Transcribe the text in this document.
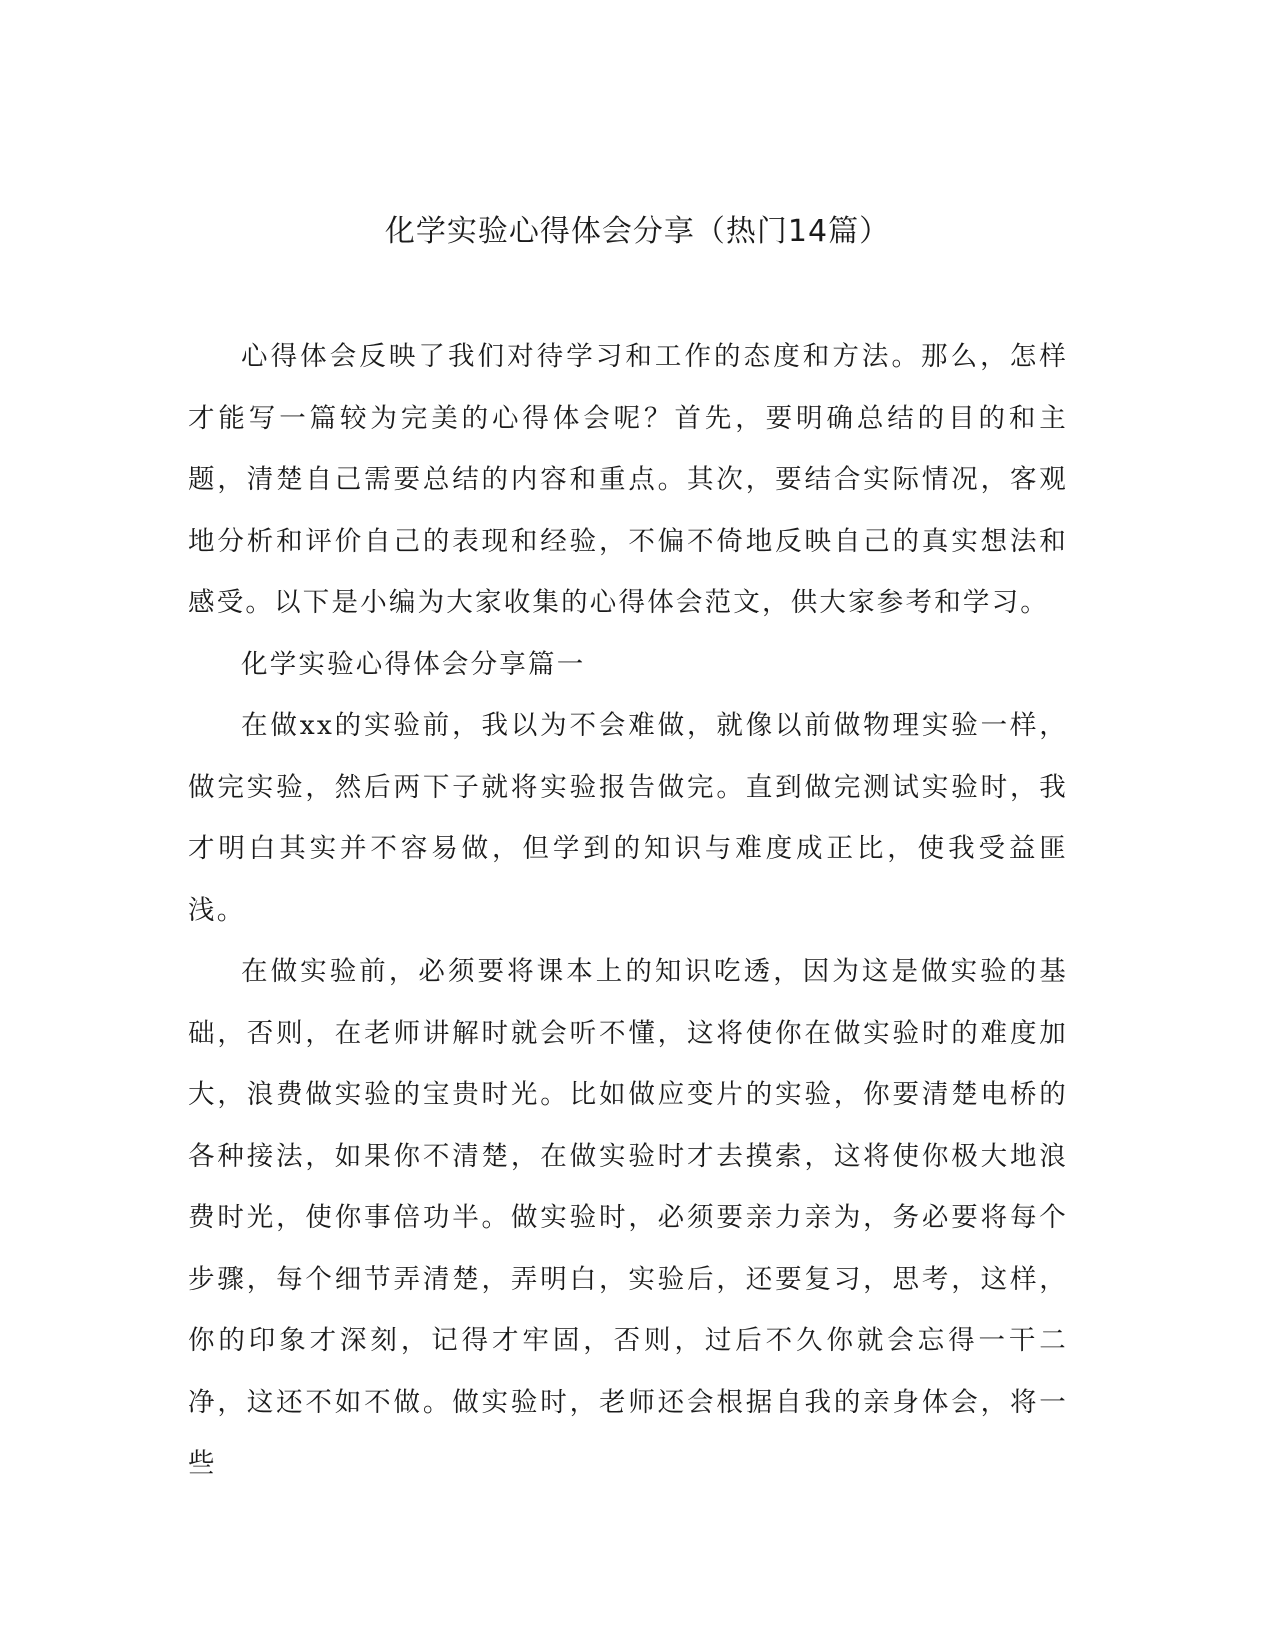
化学实验心得体会分享（热门14篇）

心得体会反映了我们对待学习和工作的态度和方法。那么，怎样才能写一篇较为完美的心得体会呢？首先，要明确总结的目的和主题，清楚自己需要总结的内容和重点。其次，要结合实际情况，客观地分析和评价自己的表现和经验，不偏不倚地反映自己的真实想法和感受。以下是小编为大家收集的心得体会范文，供大家参考和学习。

化学实验心得体会分享篇一

在做xx的实验前，我以为不会难做，就像以前做物理实验一样，做完实验，然后两下子就将实验报告做完。直到做完测试实验时，我才明白其实并不容易做，但学到的知识与难度成正比，使我受益匪浅。

在做实验前，必须要将课本上的知识吃透，因为这是做实验的基础，否则，在老师讲解时就会听不懂，这将使你在做实验时的难度加大，浪费做实验的宝贵时光。比如做应变片的实验，你要清楚电桥的各种接法，如果你不清楚，在做实验时才去摸索，这将使你极大地浪费时光，使你事倍功半。做实验时，必须要亲力亲为，务必要将每个步骤，每个细节弄清楚，弄明白，实验后，还要复习，思考，这样，你的印象才深刻，记得才牢固，否则，过后不久你就会忘得一干二净，这还不如不做。做实验时，老师还会根据自我的亲身体会，将一些
